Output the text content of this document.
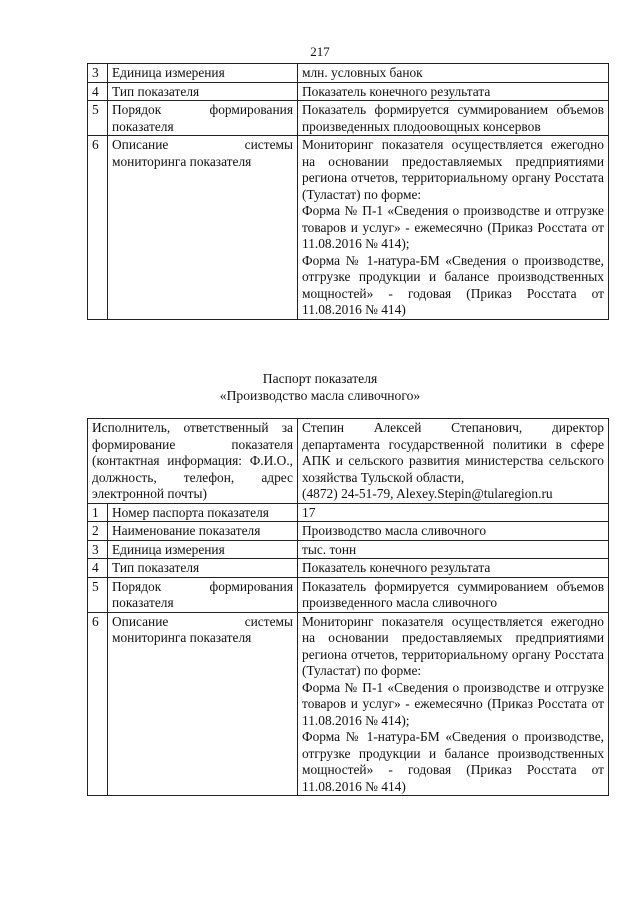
217
3	Единица измерения	млн. условных банок
4	Тип показателя	Показатель конечного результата
5	Порядок формирования показателя	Показатель формируется суммированием объемов произведенных плодоовощных консервов
6	Описание системы мониторинга показателя	Мониторинг показателя осуществляется ежегодно на основании предоставляемых предприятиями региона отчетов, территориальному органу Росстата (Туластат) по форме:
Форма № П-1 «Сведения о производстве и отгрузке товаров и услуг» - ежемесячно (Приказ Росстата от 11.08.2016 № 414);
Форма № 1-натура-БМ «Сведения о производстве, отгрузке продукции и балансе производственных мощностей» - годовая (Приказ Росстата от 11.08.2016 № 414)
Паспорт показателя
«Производство масла сливочного»
Исполнитель, ответственный за формирование показателя (контактная информация: Ф.И.О., должность, телефон, адрес электронной почты)		Степин Алексей Степанович, директор департамента государственной политики в сфере АПК и сельского развития министерства сельского хозяйства Тульской области,
(4872) 24-51-79, Alexey.Stepin@tularegion.ru

1	Номер паспорта показателя	17
2	Наименование показателя	Производство масла сливочного
3	Единица измерения	тыс. тонн
4	Тип показателя	Показатель конечного результата
5	Порядок формирования показателя	Показатель формируется суммированием объемов произведенного масла сливочного
6	Описание системы мониторинга показателя	Мониторинг показателя осуществляется ежегодно на основании предоставляемых предприятиями региона отчетов, территориальному органу Росстата (Туластат) по форме:
Форма № П-1 «Сведения о производстве и отгрузке товаров и услуг» - ежемесячно (Приказ Росстата от 11.08.2016 № 414);
Форма № 1-натура-БМ «Сведения о производстве, отгрузке продукции и балансе производственных мощностей» - годовая (Приказ Росстата от 11.08.2016 № 414)
